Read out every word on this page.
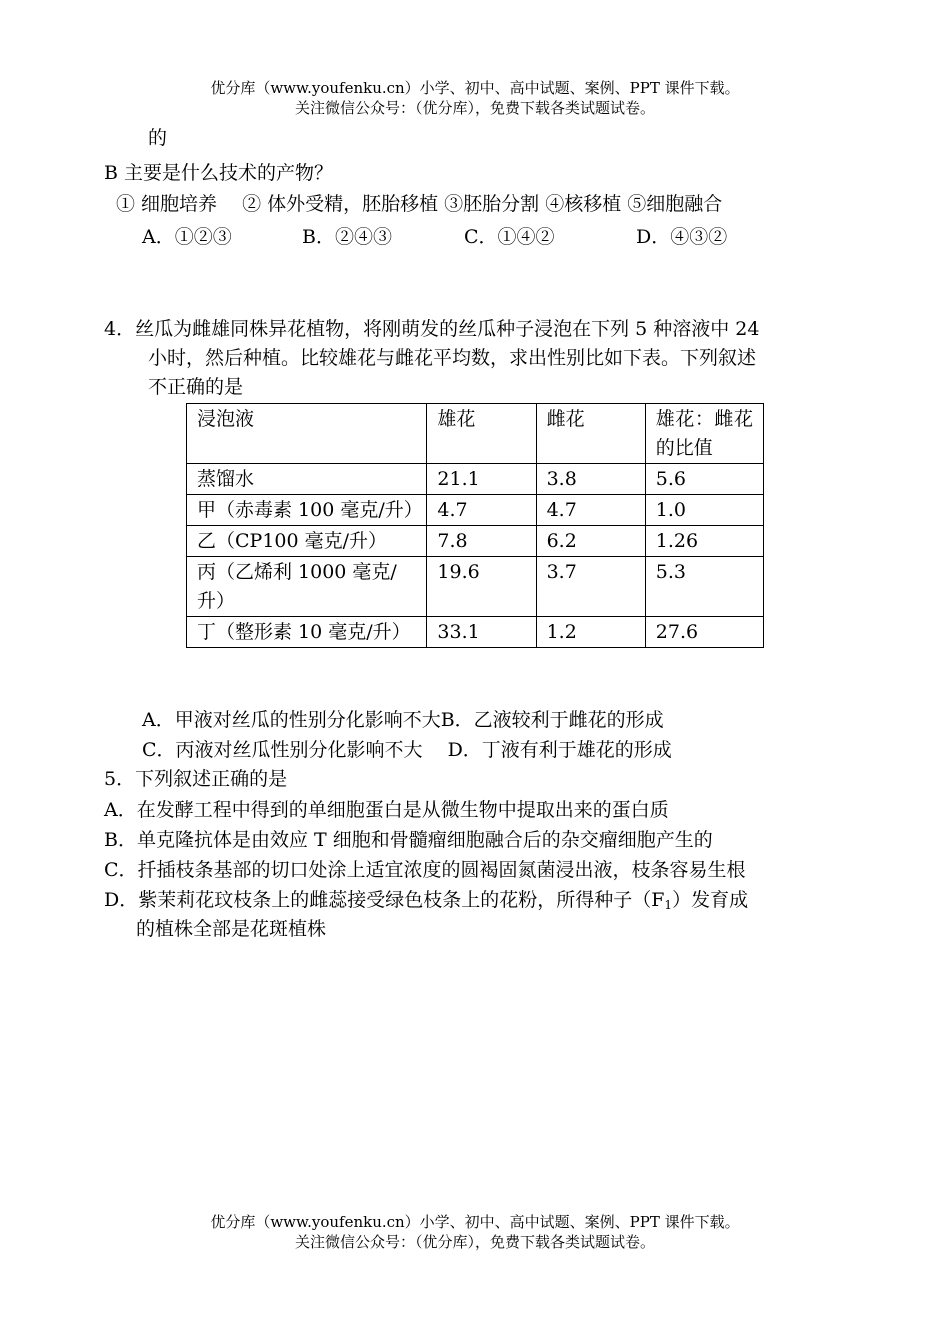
优分库（www.youfenku.cn）小学、初中、高中试题、案例、PPT 课件下载。
关注微信公众号：（优分库），免费下载各类试题试卷。
的
B 主要是什么技术的产物？
① 细胞培养　 ② 体外受精，胚胎移植 ③胚胎分割 ④核移植 ⑤细胞融合
A．①②③	B．②④③	C．①④②	D．④③②
4．丝瓜为雌雄同株异花植物，将刚萌发的丝瓜种子浸泡在下列 5 种溶液中 24
小时，然后种植。比较雄花与雌花平均数，求出性别比如下表。下列叙述
不正确的是
浸泡液	雄花	雌花	雄花：雌花的比值
蒸馏水	21.1	3.8	5.6
甲（赤毒素 100 毫克/升）	4.7	4.7	1.0
乙（CP100 毫克/升）	7.8	6.2	1.26
丙（乙烯利 1000 毫克/升）	19.6	3.7	5.3
丁（整形素 10 毫克/升）	33.1	1.2	27.6
A．甲液对丝瓜的性别分化影响不大B．乙液较利于雌花的形成
C．丙液对丝瓜性别分化影响不大　 D．丁液有利于雄花的形成
5．下列叙述正确的是
A．在发酵工程中得到的单细胞蛋白是从微生物中提取出来的蛋白质
B．单克隆抗体是由效应 T 细胞和骨髓瘤细胞融合后的杂交瘤细胞产生的
C．扦插枝条基部的切口处涂上适宜浓度的圆褐固氮菌浸出液，枝条容易生根
D．紫茉莉花玟枝条上的雌蕊接受绿色枝条上的花粉，所得种子$(F_1)$发育成
的植株全部是花斑植株
优分库（www.youfenku.cn）小学、初中、高中试题、案例、PPT 课件下载。
关注微信公众号：（优分库），免费下载各类试题试卷。
